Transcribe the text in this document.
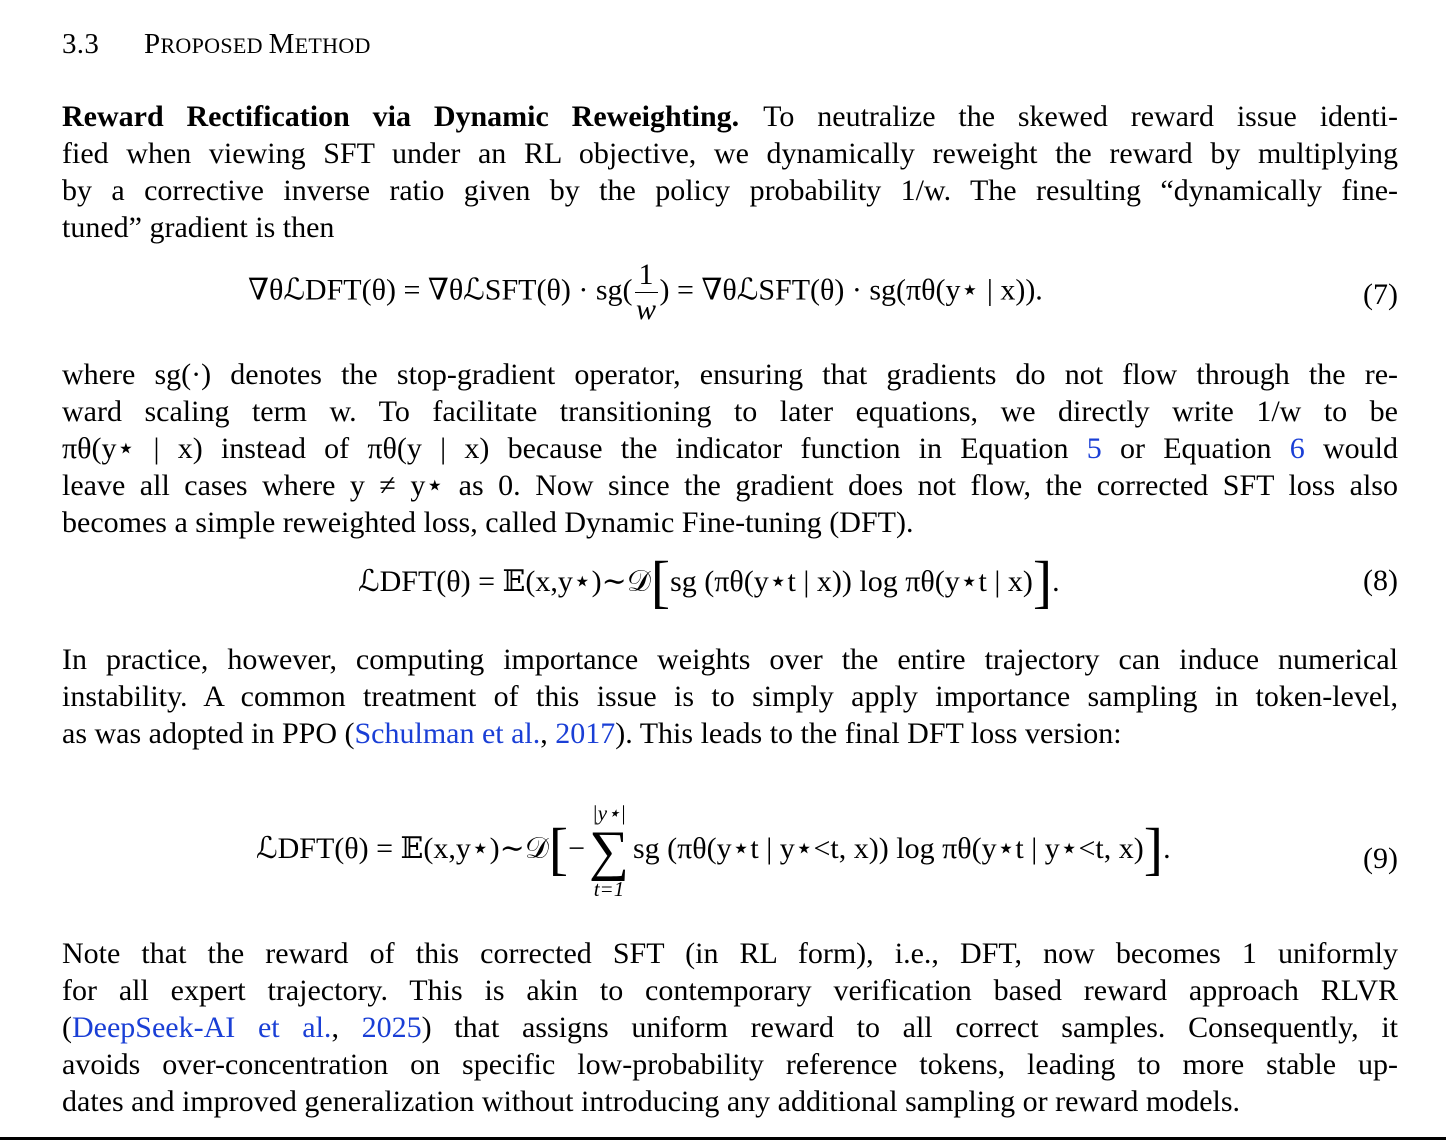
3.3 PROPOSED METHOD
Reward Rectification via Dynamic Reweighting. To neutralize the skewed reward issue identi-
fied when viewing SFT under an RL objective, we dynamically reweight the reward by multiplying
by a corrective inverse ratio given by the policy probability 1/w. The resulting “dynamically fine-
tuned” gradient is then
∇θℒDFT(θ) = ∇θℒSFT(θ) · $sg( \frac{1}{w}$ ) = ∇θℒSFT(θ) · sg(πθ(y⋆ | x)).	(7)
where sg(·) denotes the stop-gradient operator, ensuring that gradients do not flow through the re-
ward scaling term w. To facilitate transitioning to later equations, we directly write 1/w to be
πθ(y⋆ | x) instead of πθ(y | x) because the indicator function in Equation 5 or Equation 6 would
leave all cases where y ≠ y⋆ as 0. Now since the gradient does not flow, the corrected SFT loss also
becomes a simple reweighted loss, called Dynamic Fine-tuning (DFT).
ℒDFT(θ) = 𝔼(x,y⋆)∼𝒟[sg (πθ(y⋆t | x)) log πθ(y⋆t | x)].	(8)
In practice, however, computing importance weights over the entire trajectory can induce numerical
instability. A common treatment of this issue is to simply apply importance sampling in token-level,
as was adopted in PPO (Schulman et al., 2017). This leads to the final DFT loss version:
ℒDFT(θ) = 𝔼(x,y⋆)∼𝒟[−
|y⋆|
∑
t=1
sg (πθ(y⋆t | y⋆<t, x)) log πθ(y⋆t | y⋆<t, x)].	(9)
Note that the reward of this corrected SFT (in RL form), i.e., DFT, now becomes 1 uniformly
for all expert trajectory. This is akin to contemporary verification based reward approach RLVR
(DeepSeek-AI et al., 2025) that assigns uniform reward to all correct samples. Consequently, it
avoids over-concentration on specific low-probability reference tokens, leading to more stable up-
dates and improved generalization without introducing any additional sampling or reward models.
